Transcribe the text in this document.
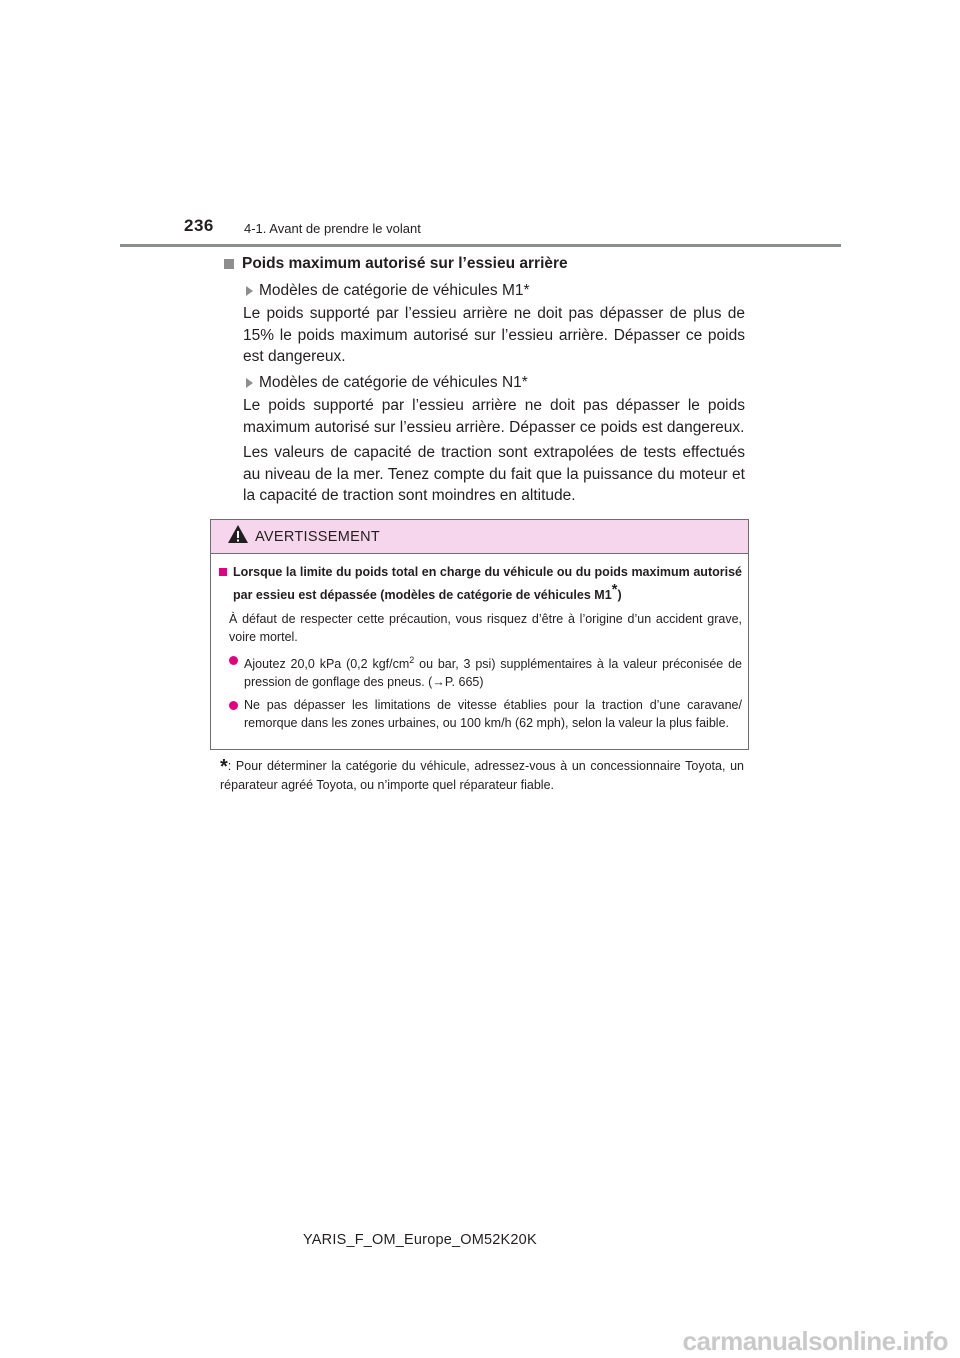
236 4-1. Avant de prendre le volant
Poids maximum autorisé sur l’essieu arrière
Modèles de catégorie de véhicules M1*
Le poids supporté par l’essieu arrière ne doit pas dépasser de plus de 15% le poids maximum autorisé sur l’essieu arrière. Dépasser ce poids est dangereux.
Modèles de catégorie de véhicules N1*
Le poids supporté par l’essieu arrière ne doit pas dépasser le poids maximum autorisé sur l’essieu arrière. Dépasser ce poids est dangereux.
Les valeurs de capacité de traction sont extrapolées de tests effectués au niveau de la mer. Tenez compte du fait que la puissance du moteur et la capacité de traction sont moindres en altitude.
AVERTISSEMENT
Lorsque la limite du poids total en charge du véhicule ou du poids maximum autorisé par essieu est dépassée (modèles de catégorie de véhicules M1*)
À défaut de respecter cette précaution, vous risquez d’être à l’origine d’un accident grave, voire mortel.
Ajoutez 20,0 kPa (0,2 kgf/$cm^2$ ou bar, 3 psi) supplémentaires à la valeur préconisée de pression de gonflage des pneus. (→P. 665)
Ne pas dépasser les limitations de vitesse établies pour la traction d’une caravane/ remorque dans les zones urbaines, ou 100 km/h (62 mph), selon la valeur la plus faible.
*: Pour déterminer la catégorie du véhicule, adressez-vous à un concessionnaire Toyota, un réparateur agréé Toyota, ou n’importe quel réparateur fiable.
YARIS_F_OM_Europe_OM52K20K
carmanualsonline.info
